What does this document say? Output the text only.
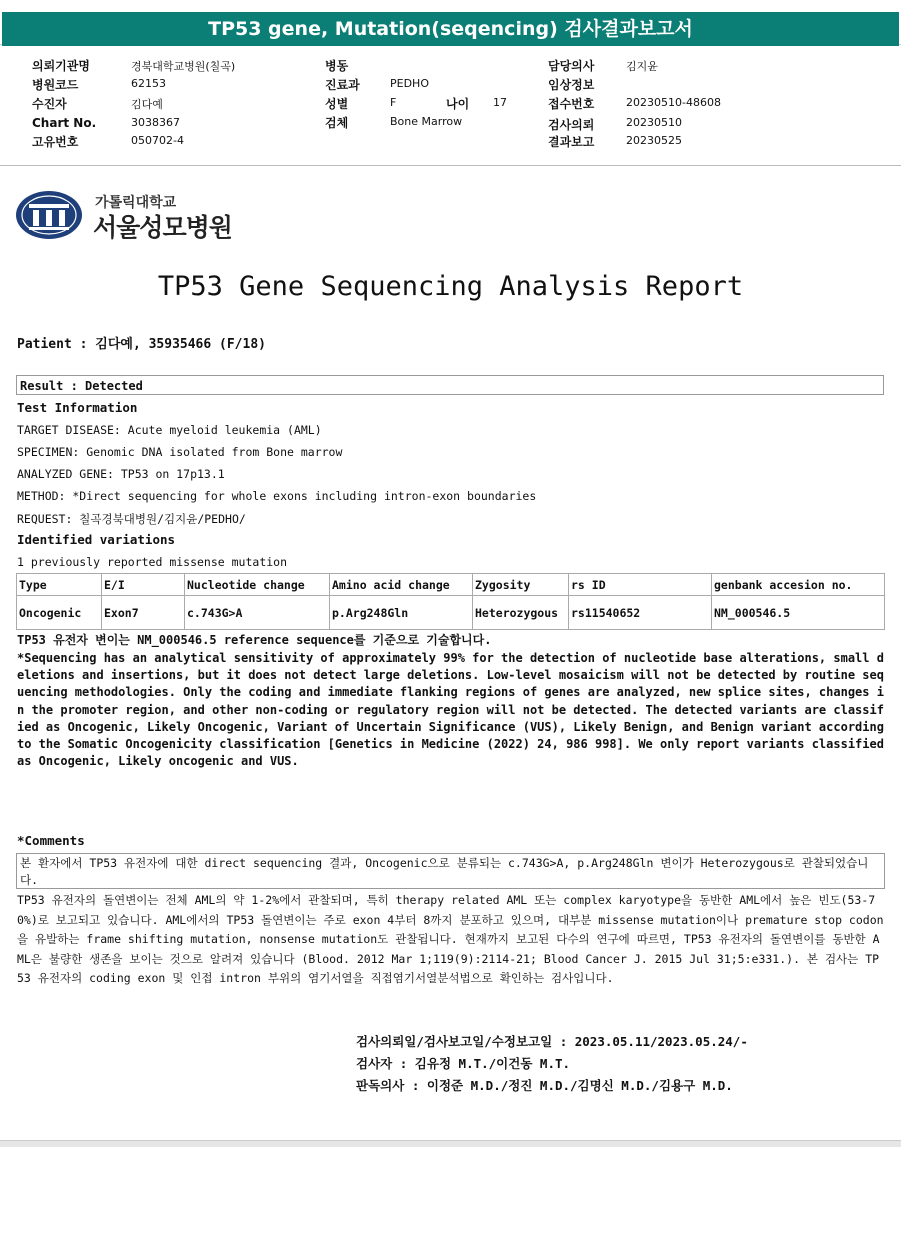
TP53 gene, Mutation(seqencing) 검사결과보고서
의뢰기관명	경북대학교병원(칠곡)
병원코드	62153
수진자	김다예
Chart No.	3038367
고유번호	050702-4
병동
진료과	PEDHO
성별	F	나이 17
검체	Bone Marrow
담당의사	김지윤
임상정보
접수번호	20230510-48608
검사의뢰	20230510
결과보고	20230525
가톨릭대학교
서울성모병원
TP53 Gene Sequencing Analysis Report
Patient : 김다예, 35935466 (F/18)
Result : Detected
Test Information
TARGET DISEASE: Acute myeloid leukemia (AML)
SPECIMEN: Genomic DNA isolated from Bone marrow
ANALYZED GENE: TP53 on 17p13.1
METHOD: *Direct sequencing for whole exons including intron-exon boundaries
REQUEST: 칠곡경북대병원/김지윤/PEDHO/
Identified variations
1 previously reported missense mutation
Type	E/I	Nucleotide change	Amino acid change	Zygosity	rs ID	genbank accesion no.
Oncogenic	Exon7	c.743G>A	p.Arg248Gln	Heterozygous	rs11540652	NM_000546.5
TP53 유전자 변이는 NM_000546.5 reference sequence를 기준으로 기술합니다.
*Sequencing has an analytical sensitivity of approximately 99% for the detection of nucleotide base alterations, small deletions and insertions, but it does not detect large deletions. Low-level mosaicism will not be detected by routine sequencing methodologies. Only the coding and immediate flanking regions of genes are analyzed, new splice sites, changes in the promoter region, and other non-coding or regulatory region will not be detected. The detected variants are classified as Oncogenic, Likely Oncogenic, Variant of Uncertain Significance (VUS), Likely Benign, and Benign variant according to the Somatic Oncogenicity classification [Genetics in Medicine (2022) 24, 986 998]. We only report variants classified as Oncogenic, Likely oncogenic and VUS.
*Comments
본 환자에서 TP53 유전자에 대한 direct sequencing 결과, Oncogenic으로 분류되는 c.743G>A, p.Arg248Gln 변이가 Heterozygous로 관찰되었습니다.
TP53 유전자의 돌연변이는 전체 AML의 약 1-2%에서 관찰되며, 특히 therapy related AML 또는 complex karyotype을 동반한 AML에서 높은 빈도(53-70%)로 보고되고 있습니다. AML에서의 TP53 돌연변이는 주로 exon 4부터 8까지 분포하고 있으며, 대부분 missense mutation이나 premature stop codon을 유발하는 frame shifting mutation, nonsense mutation도 관찰됩니다. 현재까지 보고된 다수의 연구에 따르면, TP53 유전자의 돌연변이를 동반한 AML은 불량한 생존을 보이는 것으로 알려져 있습니다 (Blood. 2012 Mar 1;119(9):2114-21; Blood Cancer J. 2015 Jul 31;5:e331.). 본 검사는 TP53 유전자의 coding exon 및 인접 intron 부위의 염기서열을 직접염기서열분석법으로 확인하는 검사입니다.
검사의뢰일/검사보고일/수정보고일 : 2023.05.11/2023.05.24/-
검사자 : 김유정 M.T./이건동 M.T.
판독의사 : 이정준 M.D./정진 M.D./김명신 M.D./김용구 M.D.
